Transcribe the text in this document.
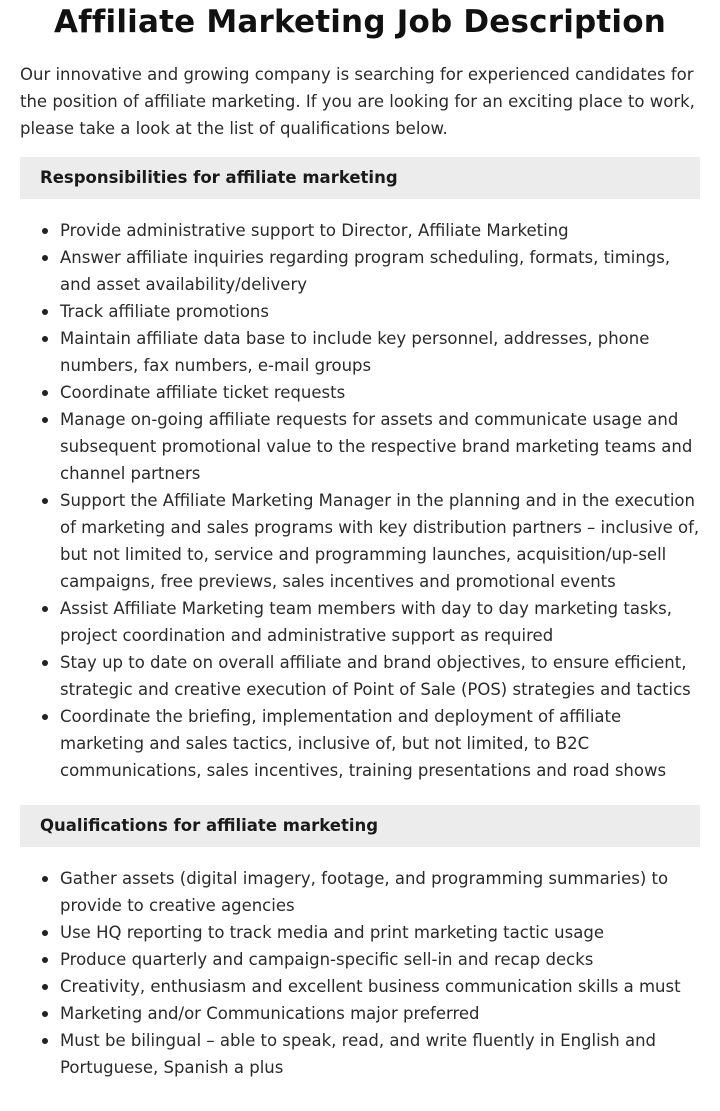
Affiliate Marketing Job Description

Our innovative and growing company is searching for experienced candidates for the position of affiliate marketing. If you are looking for an exciting place to work, please take a look at the list of qualifications below.

Responsibilities for affiliate marketing
Provide administrative support to Director, Affiliate Marketing
Answer affiliate inquiries regarding program scheduling, formats, timings, and asset availability/delivery
Track affiliate promotions
Maintain affiliate data base to include key personnel, addresses, phone numbers, fax numbers, e-mail groups
Coordinate affiliate ticket requests
Manage on-going affiliate requests for assets and communicate usage and subsequent promotional value to the respective brand marketing teams and channel partners
Support the Affiliate Marketing Manager in the planning and in the execution of marketing and sales programs with key distribution partners – inclusive of, but not limited to, service and programming launches, acquisition/up-sell campaigns, free previews, sales incentives and promotional events
Assist Affiliate Marketing team members with day to day marketing tasks, project coordination and administrative support as required
Stay up to date on overall affiliate and brand objectives, to ensure efficient, strategic and creative execution of Point of Sale (POS) strategies and tactics
Coordinate the briefing, implementation and deployment of affiliate marketing and sales tactics, inclusive of, but not limited, to B2C communications, sales incentives, training presentations and road shows
Qualifications for affiliate marketing
Gather assets (digital imagery, footage, and programming summaries) to provide to creative agencies
Use HQ reporting to track media and print marketing tactic usage
Produce quarterly and campaign-specific sell-in and recap decks
Creativity, enthusiasm and excellent business communication skills a must
Marketing and/or Communications major preferred
Must be bilingual – able to speak, read, and write fluently in English and Portuguese, Spanish a plus
